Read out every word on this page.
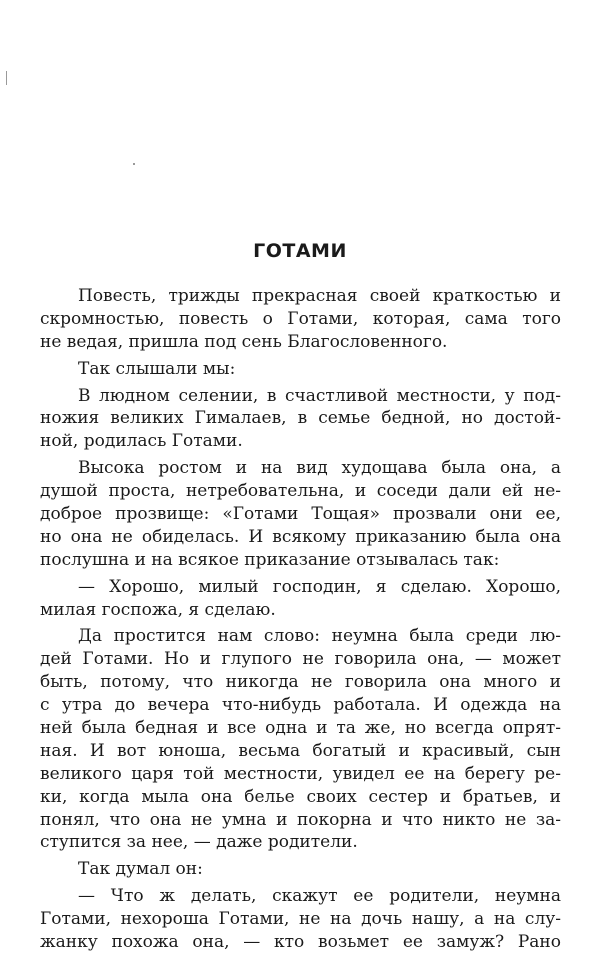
ГОТАМИ
Повесть, трижды прекрасная своей краткостью и
скромностью, повесть о Готами, которая, сама того
не ведая, пришла под сень Благословенного.
Так слышали мы:
В людном селении, в счастливой местности, у под-
ножия великих Гималаев, в семье бедной, но достой-
ной, родилась Готами.
Высока ростом и на вид худощава была она, а
душой проста, нетребовательна, и соседи дали ей не-
доброе прозвище: «Готами Тощая» прозвали они ее,
но она не обиделась. И всякому приказанию была она
послушна и на всякое приказание отзывалась так:
— Хорошо, милый господин, я сделаю. Хорошо,
милая госпожа, я сделаю.
Да простится нам слово: неумна была среди лю-
дей Готами. Но и глупого не говорила она, — может
быть, потому, что никогда не говорила она много и
с утра до вечера что-нибудь работала. И одежда на
ней была бедная и все одна и та же, но всегда опрят-
ная. И вот юноша, весьма богатый и красивый, сын
великого царя той местности, увидел ее на берегу ре-
ки, когда мыла она белье своих сестер и братьев, и
понял, что она не умна и покорна и что никто не за-
ступится за нее, — даже родители.
Так думал он:
— Что ж делать, скажут ее родители, неумна
Готами, нехороша Готами, не на дочь нашу, а на слу-
жанку похожа она, — кто возьмет ее замуж? Рано
